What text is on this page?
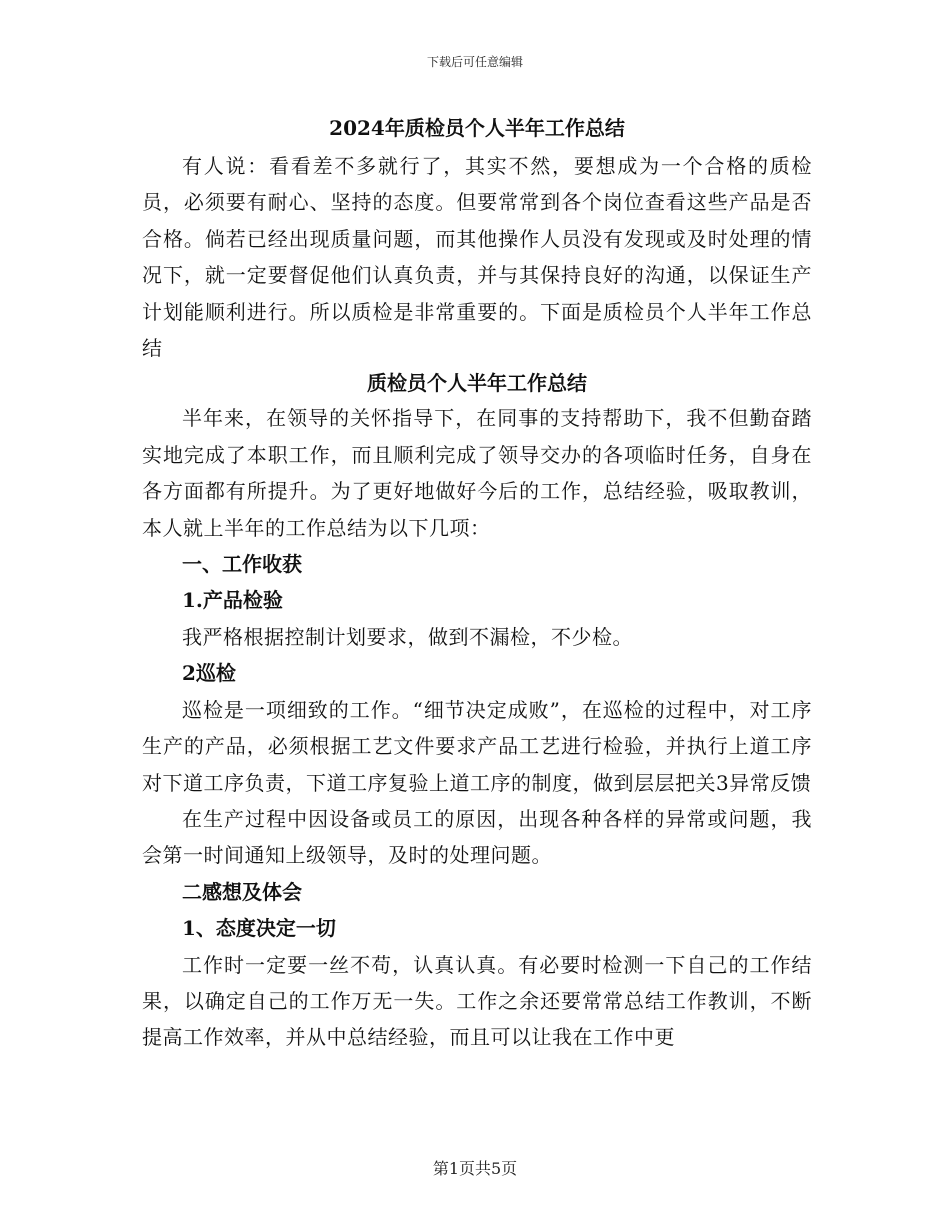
下载后可任意编辑
2024年质检员个人半年工作总结

有人说：看看差不多就行了，其实不然，要想成为一个合格的质检员，必须要有耐心、坚持的态度。但要常常到各个岗位查看这些产品是否合格。倘若已经出现质量问题，而其他操作人员没有发现或及时处理的情况下，就一定要督促他们认真负责，并与其保持良好的沟通，以保证生产计划能顺利进行。所以质检是非常重要的。下面是质检员个人半年工作总结

质检员个人半年工作总结

半年来，在领导的关怀指导下，在同事的支持帮助下，我不但勤奋踏实地完成了本职工作，而且顺利完成了领导交办的各项临时任务，自身在各方面都有所提升。为了更好地做好今后的工作，总结经验，吸取教训，本人就上半年的工作总结为以下几项：

一、工作收获
1.产品检验

我严格根据控制计划要求，做到不漏检，不少检。

2巡检

巡检是一项细致的工作。“细节决定成败”，在巡检的过程中，对工序生产的产品，必须根据工艺文件要求产品工艺进行检验，并执行上道工序对下道工序负责，下道工序复验上道工序的制度，做到层层把关3异常反馈

在生产过程中因设备或员工的原因，出现各种各样的异常或问题，我会第一时间通知上级领导，及时的处理问题。

二感想及体会
1、态度决定一切

工作时一定要一丝不苟，认真认真。有必要时检测一下自己的工作结果，以确定自己的工作万无一失。工作之余还要常常总结工作教训，不断提高工作效率，并从中总结经验，而且可以让我在工作中更

第1页共5页
